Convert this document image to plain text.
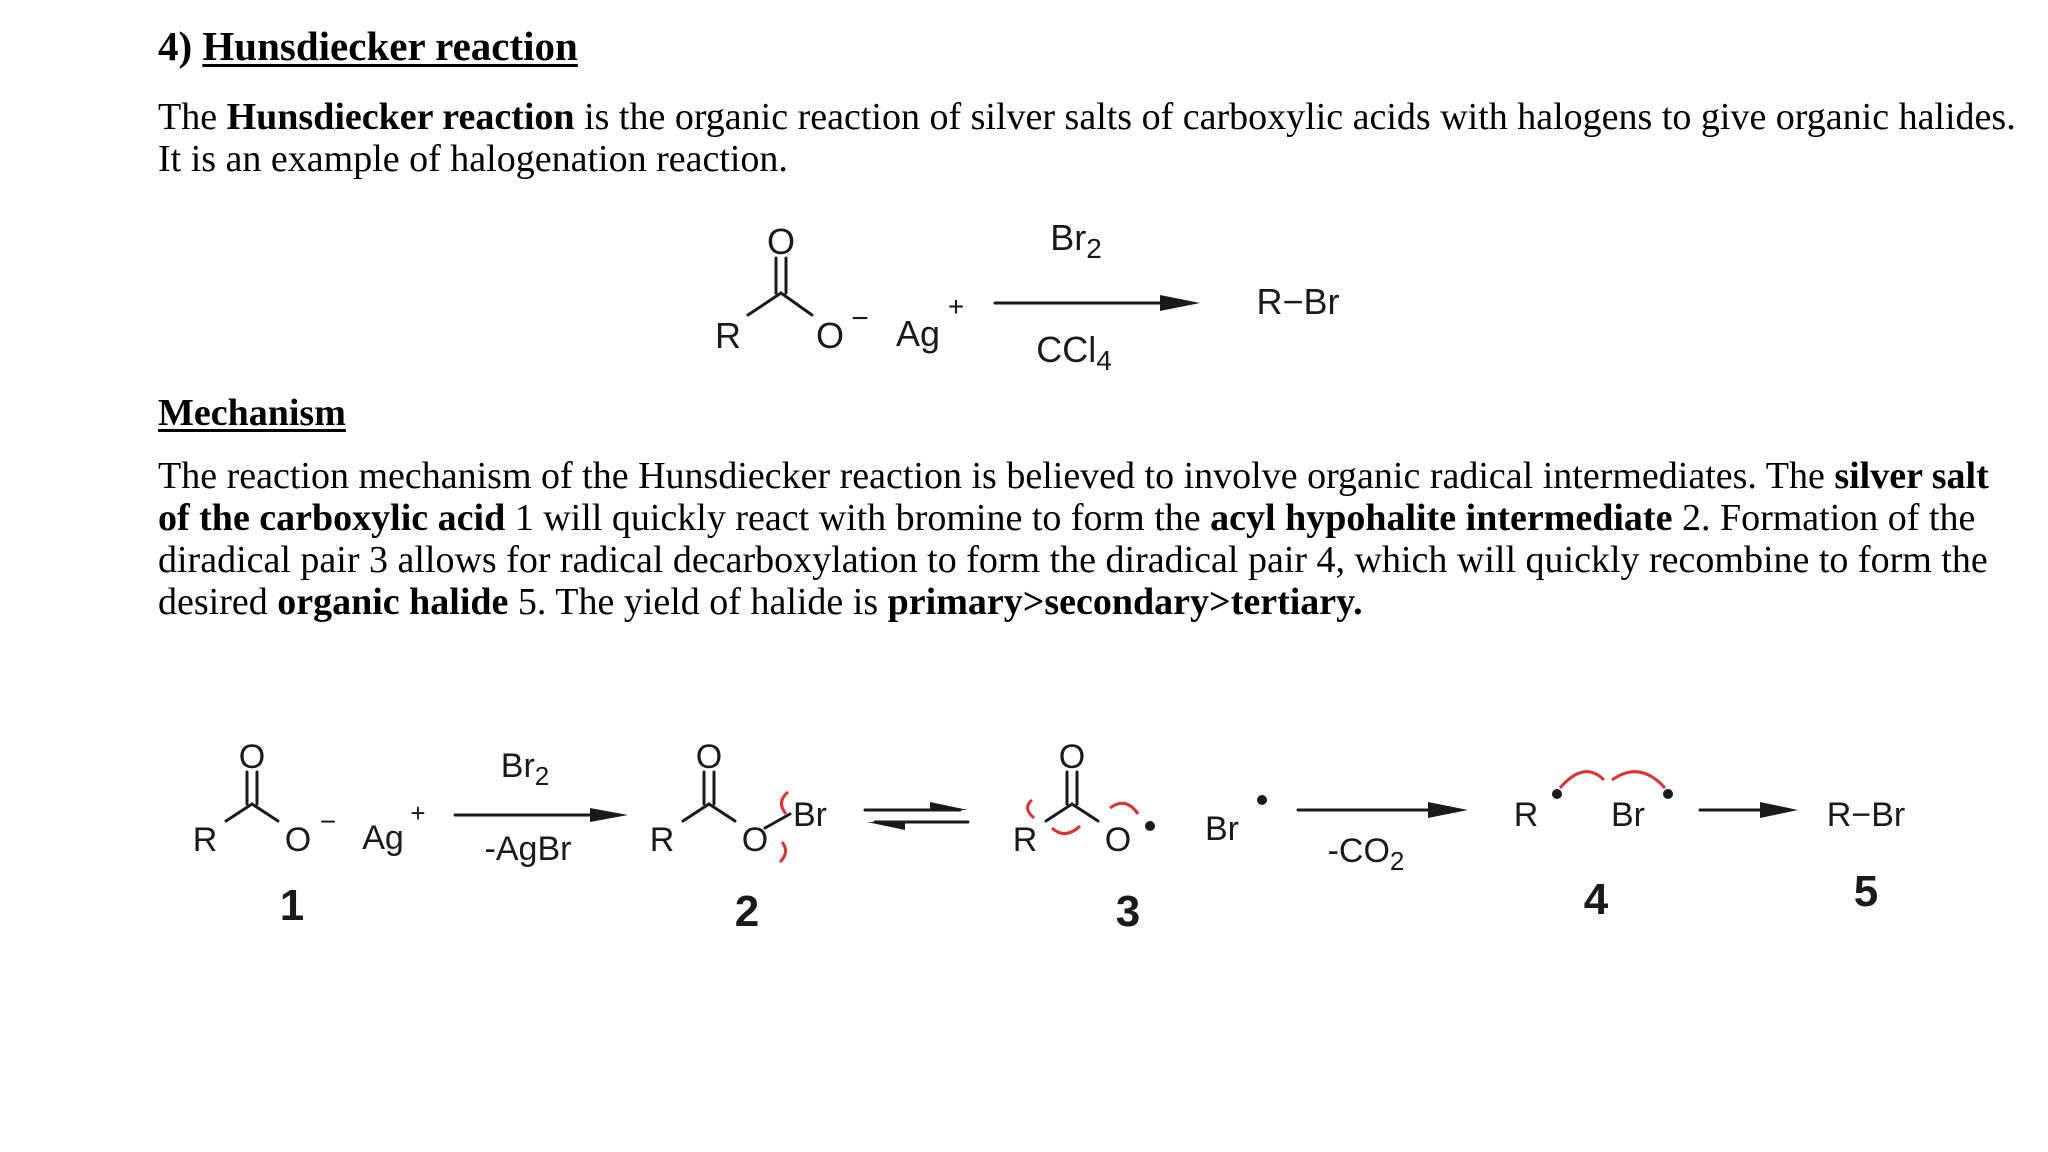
4) Hunsdiecker reaction

The Hunsdiecker reaction is the organic reaction of silver salts of carboxylic acids with halogens to give organic halides. It is an example of halogenation reaction.

O
R O − Ag
+
$Br_2$
CCl$_4$
R−Br
Mechanism

The reaction mechanism of the Hunsdiecker reaction is believed to involve organic radical intermediates. The silver salt of the carboxylic acid 1 will quickly react with bromine to form the acyl hypohalite intermediate 2. Formation of the diradical pair 3 allows for radical decarboxylation to form the diradical pair 4, which will quickly recombine to form the desired organic halide 5. The yield of halide is primary>secondary>tertiary.

O
R O − Ag
+
1
$Br_2$
-AgBr
O
R O
Br
2
O
R O Br
3
$-CO_2$
R Br
4
R−Br
5
